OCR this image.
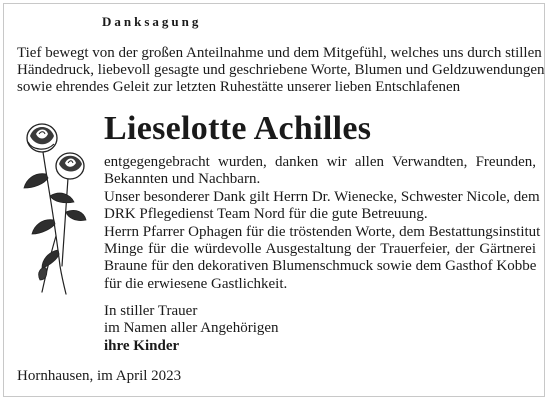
Danksagung
Tief bewegt von der großen Anteilnahme und dem Mitgefühl, welches uns durch stillen
Händedruck, liebevoll gesagte und geschriebene Worte, Blumen und Geldzuwendungen
sowie ehrendes Geleit zur letzten Ruhestätte unserer lieben Entschlafenen
Lieselotte Achilles
entgegengebracht wurden, danken wir allen Verwandten, Freunden,
Bekannten und Nachbarn.
Unser besonderer Dank gilt Herrn Dr. Wienecke, Schwester Nicole, dem
DRK Pflegedienst Team Nord für die gute Betreuung.
Herrn Pfarrer Ophagen für die tröstenden Worte, dem Bestattungsinstitut
Minge für die würdevolle Ausgestaltung der Trauerfeier, der Gärtnerei
Braune für den dekorativen Blumenschmuck sowie dem Gasthof Kobbe
für die erwiesene Gastlichkeit.
In stiller Trauer
im Namen aller Angehörigen
ihre Kinder
Hornhausen, im April 2023
